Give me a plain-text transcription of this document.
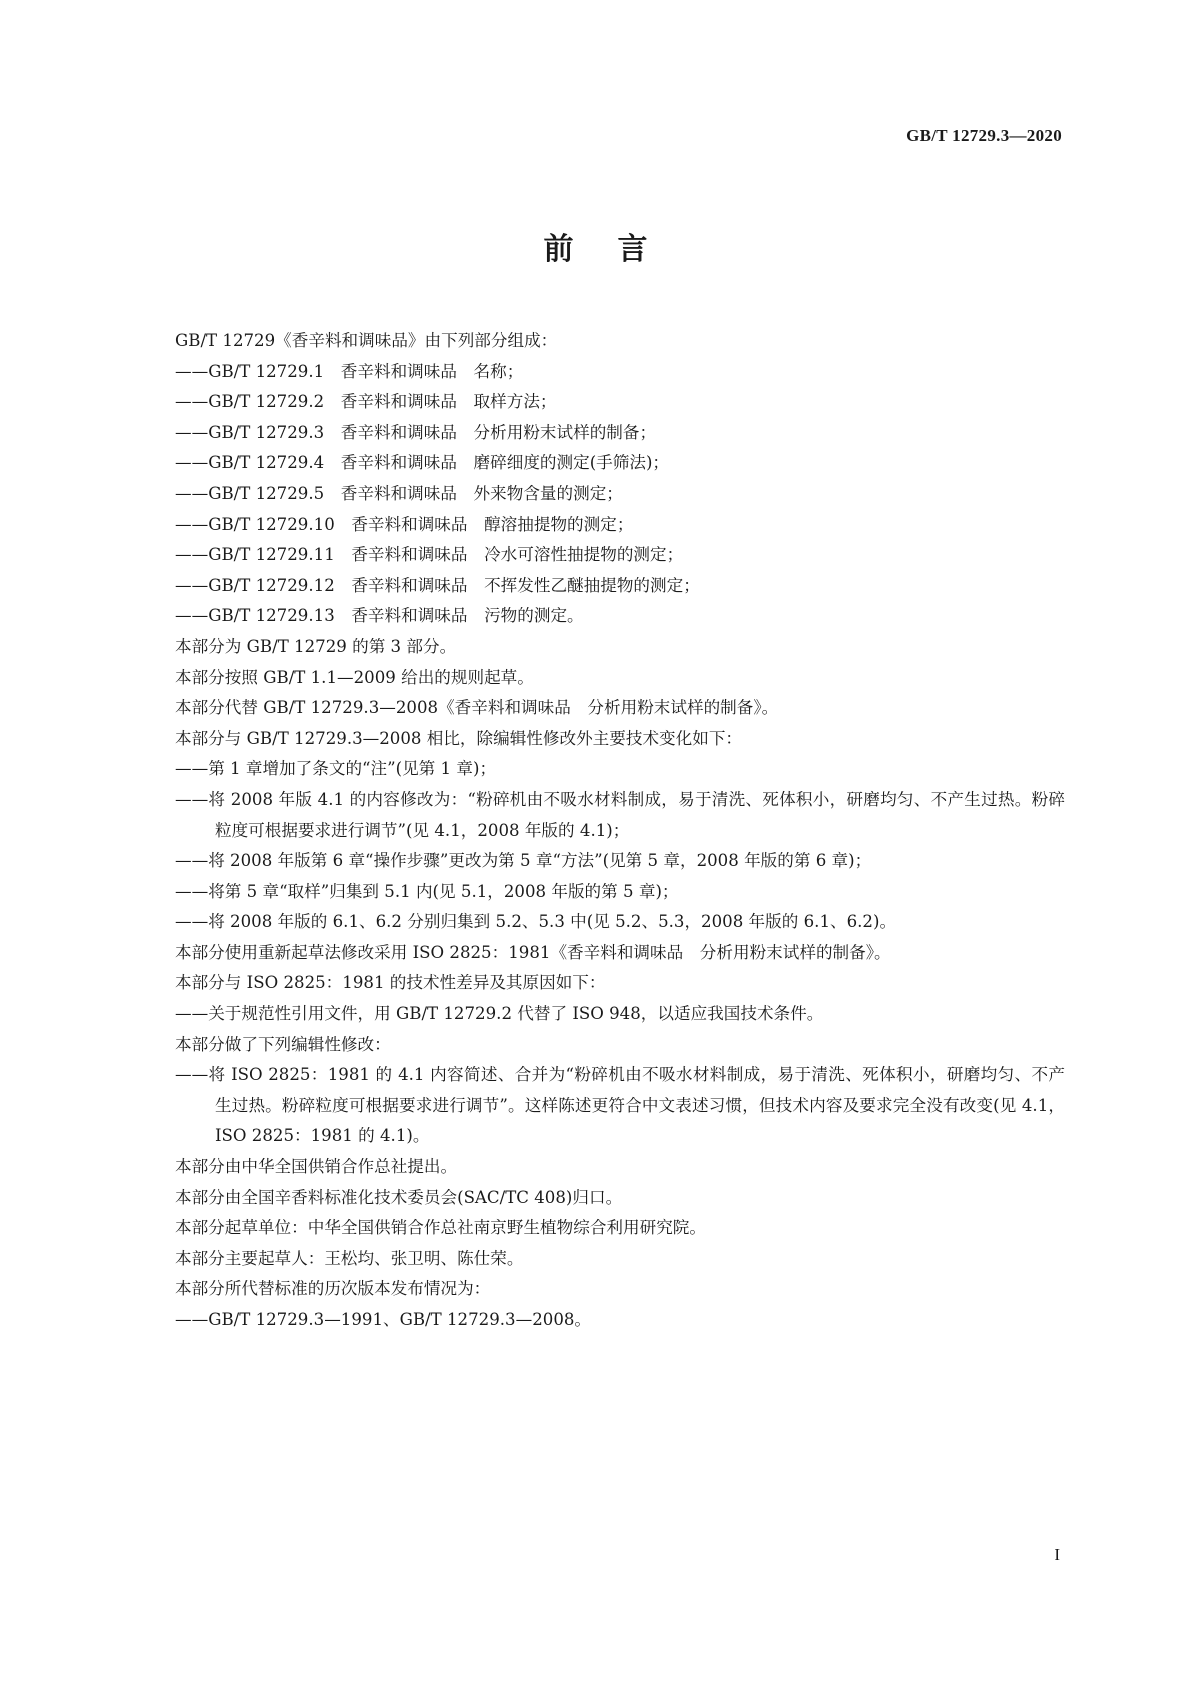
GB/T 12729.3—2020
前言
GB/T 12729《香辛料和调味品》由下列部分组成：
——GB/T 12729.1　香辛料和调味品　名称；
——GB/T 12729.2　香辛料和调味品　取样方法；
——GB/T 12729.3　香辛料和调味品　分析用粉末试样的制备；
——GB/T 12729.4　香辛料和调味品　磨碎细度的测定(手筛法)；
——GB/T 12729.5　香辛料和调味品　外来物含量的测定；
——GB/T 12729.10　香辛料和调味品　醇溶抽提物的测定；
——GB/T 12729.11　香辛料和调味品　冷水可溶性抽提物的测定；
——GB/T 12729.12　香辛料和调味品　不挥发性乙醚抽提物的测定；
——GB/T 12729.13　香辛料和调味品　污物的测定。
本部分为 GB/T 12729 的第 3 部分。
本部分按照 GB/T 1.1—2009 给出的规则起草。
本部分代替 GB/T 12729.3—2008《香辛料和调味品　分析用粉末试样的制备》。
本部分与 GB/T 12729.3—2008 相比，除编辑性修改外主要技术变化如下：
——第 1 章增加了条文的“注”(见第 1 章)；
——将 2008 年版 4.1 的内容修改为：“粉碎机由不吸水材料制成，易于清洗、死体积小，研磨均匀、不产生过热。粉碎粒度可根据要求进行调节”(见 4.1，2008 年版的 4.1)；
——将 2008 年版第 6 章“操作步骤”更改为第 5 章“方法”(见第 5 章，2008 年版的第 6 章)；
——将第 5 章“取样”归集到 5.1 内(见 5.1，2008 年版的第 5 章)；
——将 2008 年版的 6.1、6.2 分别归集到 5.2、5.3 中(见 5.2、5.3，2008 年版的 6.1、6.2)。
本部分使用重新起草法修改采用 ISO 2825：1981《香辛料和调味品　分析用粉末试样的制备》。
本部分与 ISO 2825：1981 的技术性差异及其原因如下：
——关于规范性引用文件，用 GB/T 12729.2 代替了 ISO 948，以适应我国技术条件。
本部分做了下列编辑性修改：
——将 ISO 2825：1981 的 4.1 内容简述、合并为“粉碎机由不吸水材料制成，易于清洗、死体积小，研磨均匀、不产生过热。粉碎粒度可根据要求进行调节”。这样陈述更符合中文表述习惯，但技术内容及要求完全没有改变(见 4.1，ISO 2825：1981 的 4.1)。
本部分由中华全国供销合作总社提出。
本部分由全国辛香料标准化技术委员会(SAC/TC 408)归口。
本部分起草单位：中华全国供销合作总社南京野生植物综合利用研究院。
本部分主要起草人：王松均、张卫明、陈仕荣。
本部分所代替标准的历次版本发布情况为：
——GB/T 12729.3—1991、GB/T 12729.3—2008。
I
